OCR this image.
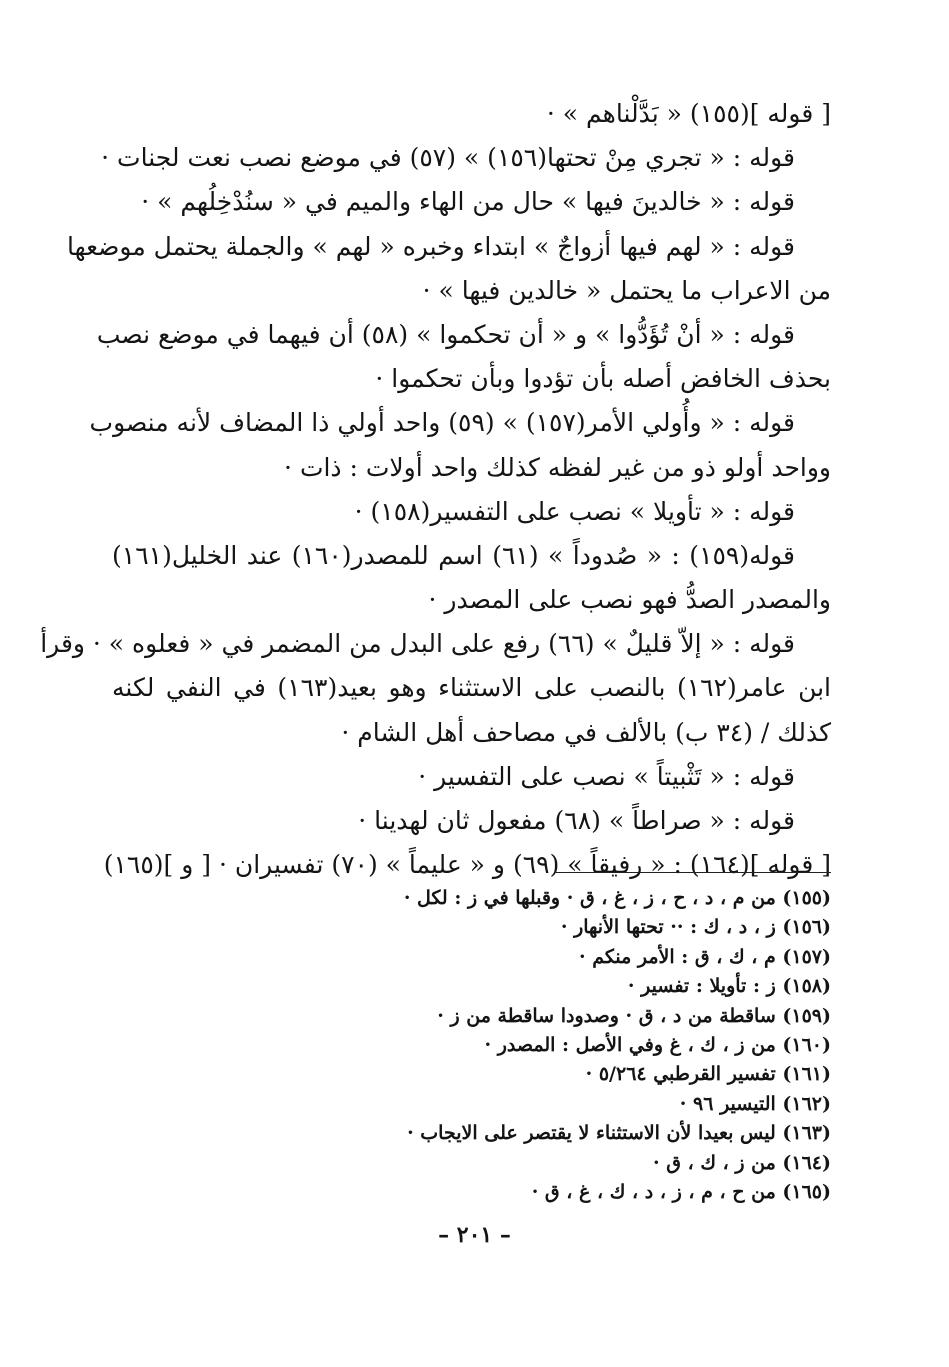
[ قوله ](١٥٥) « بَدَّلْناهم » ·
قوله : « تجري مِنْ تحتها(١٥٦) » (٥٧) في موضع نصب نعت لجنات ·
قوله : « خالدينَ فيها » حال من الهاء والميم في « سنُدْخِلُهم » ·
قوله : « لهم فيها أزواجٌ » ابتداء وخبره « لهم » والجملة يحتمل موضعها
من الاعراب ما يحتمل « خالدين فيها » ·
قوله : « أنْ تُؤَدُّوا » و « أن تحكموا » (٥٨) أن فيهما في موضع نصب
بحذف الخافض أصله بأن تؤدوا وبأن تحكموا ·
قوله : « وأُولي الأمر(١٥٧) » (٥٩) واحد أولي ذا المضاف لأنه منصوب
وواحد أولو ذو من غير لفظه كذلك واحد أولات : ذات ·
قوله : « تأويلا » نصب على التفسير(١٥٨) ·
قوله(١٥٩) : « صُدوداً » (٦١) اسم للمصدر(١٦٠) عند الخليل(١٦١)
والمصدر الصدُّ فهو نصب على المصدر ·
قوله : « إلاّ قليلٌ » (٦٦) رفع على البدل من المضمر في « فعلوه » · وقرأ
ابن عامر(١٦٢) بالنصب على الاستثناء وهو بعيد(١٦٣) في النفي لكنه
كذلك / (٣٤ ب) بالألف في مصاحف أهل الشام ·
قوله : « تَثْبيتاً » نصب على التفسير ·
قوله : « صراطاً » (٦٨) مفعول ثان لهدينا ·
[ قوله ](١٦٤) : « رفيقاً » (٦٩) و « عليماً » (٧٠) تفسيران · [ و ](١٦٥)
(١٥٥) من م ، د ، ح ، ز ، غ ، ق · وقبلها في ز : لكل ·
(١٥٦) ز ، د ، ك : ·· تحتها الأنهار ·
(١٥٧) م ، ك ، ق : الأمر منكم ·
(١٥٨) ز : تأويلا : تفسير ·
(١٥٩) ساقطة من د ، ق · وصدودا ساقطة من ز ·
(١٦٠) من ز ، ك ، غ وفي الأصل : المصدر ·
(١٦١) تفسير القرطبي ٥/٢٦٤ ·
(١٦٢) التيسير ٩٦ ·
(١٦٣) ليس بعيدا لأن الاستثناء لا يقتصر على الايجاب ·
(١٦٤) من ز ، ك ، ق ·
(١٦٥) من ح ، م ، ز ، د ، ك ، غ ، ق ·
– ٢٠١ –
